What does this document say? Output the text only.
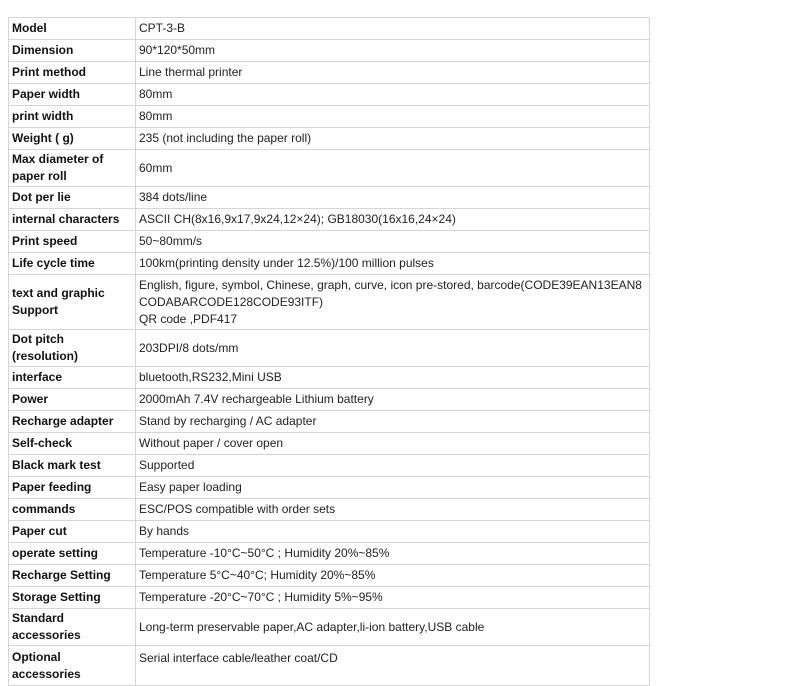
Model	CPT-3-B
Dimension	90*120*50mm
Print method	Line thermal printer
Paper width	80mm
print width	80mm
Weight ( g)	235 (not including the paper roll)
Max diameter of paper roll	60mm
Dot per lie	384 dots/line
internal characters	ASCII CH(8x16,9x17,9x24,12×24); GB18030(16x16,24×24)
Print speed	50~80mm/s
Life cycle time	100km(printing density under 12.5%)/100 million pulses
text and graphic Support	English, figure, symbol, Chinese, graph, curve, icon pre-stored, barcode(CODE39EAN13EAN8
CODABARCODE128CODE93ITF)
QR code ,PDF417
Dot pitch (resolution)	203DPI/8 dots/mm
interface	bluetooth,RS232,Mini USB
Power	2000mAh 7.4V rechargeable Lithium battery
Recharge adapter	Stand by recharging / AC adapter
Self-check	Without paper / cover open
Black mark test	Supported
Paper feeding	Easy paper loading
commands	ESC/POS compatible with order sets
Paper cut	By hands
operate setting	Temperature -10°C~50°C ; Humidity 20%~85%
Recharge Setting	Temperature 5°C~40°C; Humidity 20%~85%
Storage Setting	Temperature -20°C~70°C ; Humidity 5%~95%
Standard accessories	Long-term preservable paper,AC adapter,li-ion battery,USB cable
Optional accessories	Serial interface cable/leather coat/CD
